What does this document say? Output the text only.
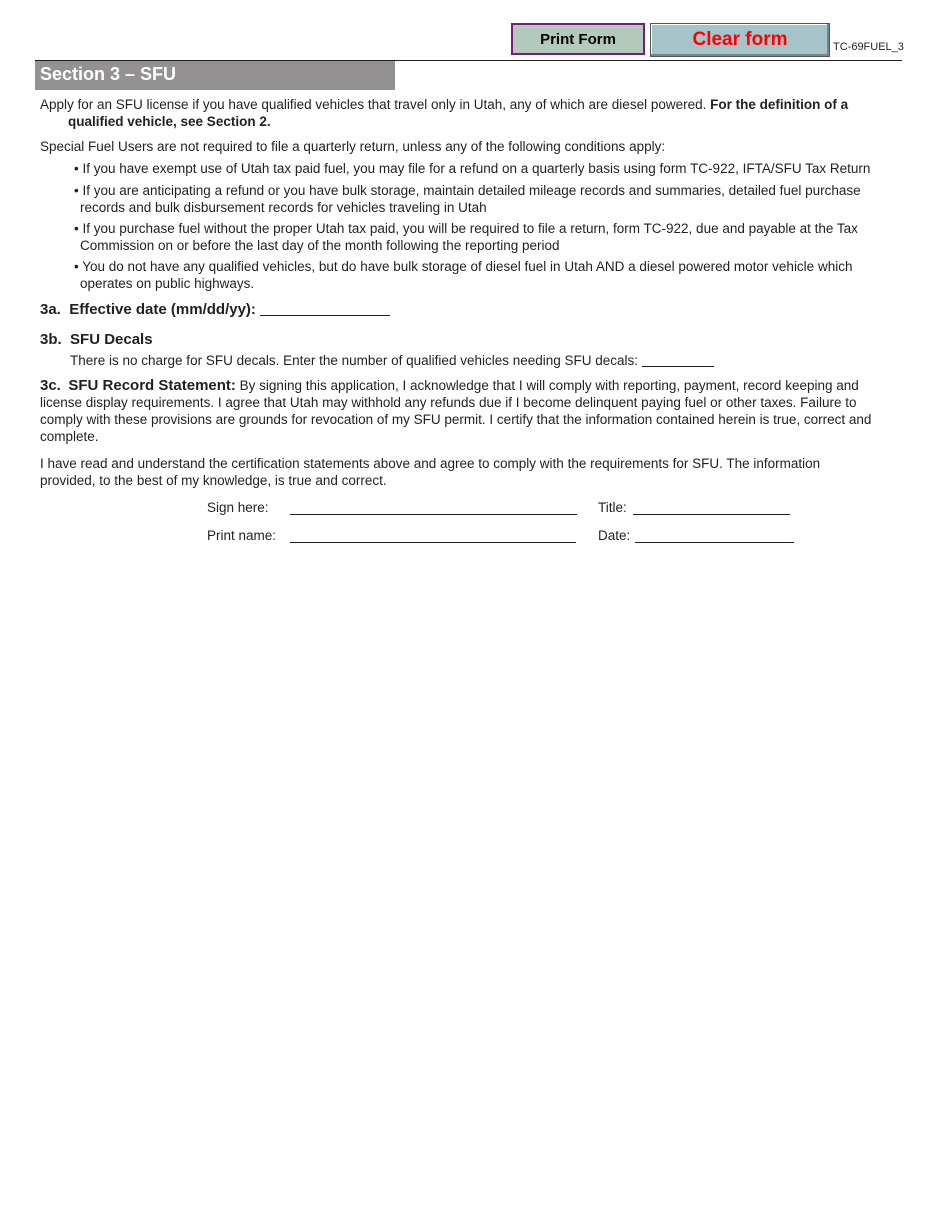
Print Form	Clear form	TC-69FUEL_3
Section 3 – SFU
Apply for an SFU license if you have qualified vehicles that travel only in Utah, any of which are diesel powered. For the definition of a
qualified vehicle, see Section 2.
Special Fuel Users are not required to file a quarterly return, unless any of the following conditions apply:
• If you have exempt use of Utah tax paid fuel, you may file for a refund on a quarterly basis using form TC-922, IFTA/SFU Tax Return
• If you are anticipating a refund or you have bulk storage, maintain detailed mileage records and summaries, detailed fuel purchase
records and bulk disbursement records for vehicles traveling in Utah
• If you purchase fuel without the proper Utah tax paid, you will be required to file a return, form TC-922, due and payable at the Tax
Commission on or before the last day of the month following the reporting period
• You do not have any qualified vehicles, but do have bulk storage of diesel fuel in Utah AND a diesel powered motor vehicle which
operates on public highways.
3a. Effective date (mm/dd/yy):
3b. SFU Decals
There is no charge for SFU decals. Enter the number of qualified vehicles needing SFU decals:
3c. SFU Record Statement: By signing this application, I acknowledge that I will comply with reporting, payment, record keeping and
license display requirements. I agree that Utah may withhold any refunds due if I become delinquent paying fuel or other taxes. Failure to
comply with these provisions are grounds for revocation of my SFU permit. I certify that the information contained herein is true, correct and
complete.
I have read and understand the certification statements above and agree to comply with the requirements for SFU. The information
provided, to the best of my knowledge, is true and correct.
Sign here:	Title:
Print name:	Date:
